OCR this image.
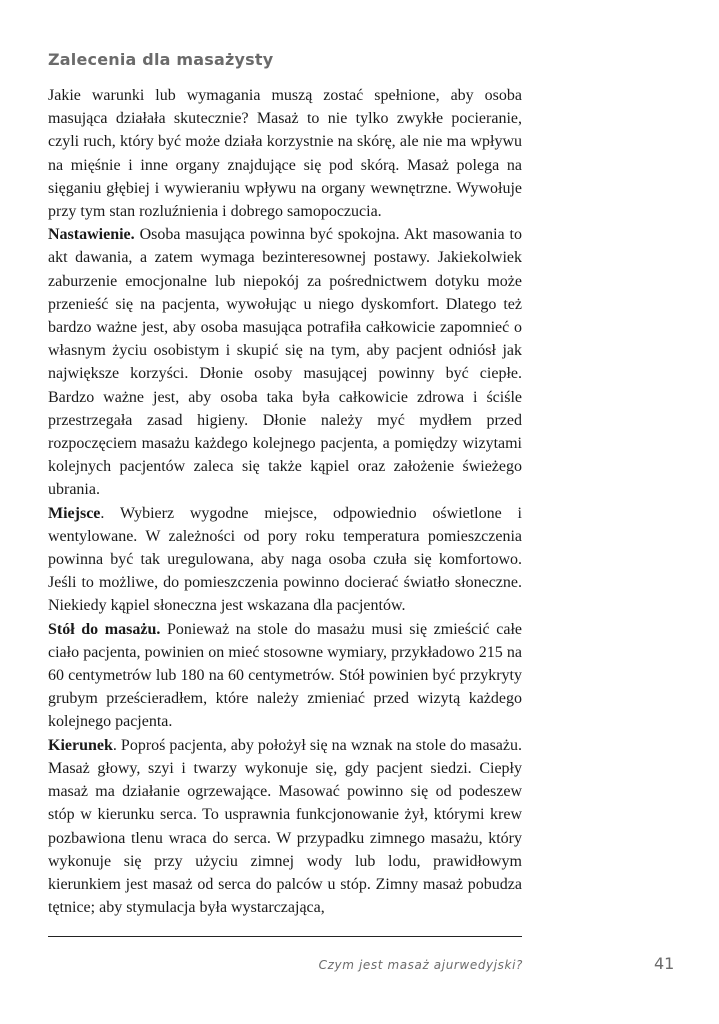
Zalecenia dla masażysty

Jakie warunki lub wymagania muszą zostać spełnione, aby osoba masująca działała skutecznie? Masaż to nie tylko zwykłe pocieranie, czyli ruch, który być może działa korzystnie na skórę, ale nie ma wpływu na mięśnie i inne organy znajdujące się pod skórą. Masaż polega na sięganiu głębiej i wywieraniu wpływu na organy wewnętrzne. Wywołuje przy tym stan rozluźnienia i dobrego samopoczucia.

Nastawienie. Osoba masująca powinna być spokojna. Akt masowania to akt dawania, a zatem wymaga bezinteresownej postawy. Jakiekolwiek zaburzenie emocjonalne lub niepokój za pośrednictwem dotyku może przenieść się na pacjenta, wywołując u niego dyskomfort. Dlatego też bardzo ważne jest, aby osoba masująca potrafiła całkowicie zapomnieć o własnym życiu osobistym i skupić się na tym, aby pacjent odniósł jak największe korzyści. Dłonie osoby masującej powinny być ciepłe. Bardzo ważne jest, aby osoba taka była całkowicie zdrowa i ściśle przestrzegała zasad higieny. Dłonie należy myć mydłem przed rozpoczęciem masażu każdego kolejnego pacjenta, a pomiędzy wizytami kolejnych pacjentów zaleca się także kąpiel oraz założenie świeżego ubrania.

Miejsce. Wybierz wygodne miejsce, odpowiednio oświetlone i wentylowane. W zależności od pory roku temperatura pomieszczenia powinna być tak uregulowana, aby naga osoba czuła się komfortowo. Jeśli to możliwe, do pomieszczenia powinno docierać światło słoneczne. Niekiedy kąpiel słoneczna jest wskazana dla pacjentów.

Stół do masażu. Ponieważ na stole do masażu musi się zmieścić całe ciało pacjenta, powinien on mieć stosowne wymiary, przykładowo 215 na 60 centymetrów lub 180 na 60 centymetrów. Stół powinien być przykryty grubym prześcieradłem, które należy zmieniać przed wizytą każdego kolejnego pacjenta.

Kierunek. Poproś pacjenta, aby położył się na wznak na stole do masażu. Masaż głowy, szyi i twarzy wykonuje się, gdy pacjent siedzi. Ciepły masaż ma działanie ogrzewające. Masować powinno się od podeszew stóp w kierunku serca. To usprawnia funkcjonowanie żył, którymi krew pozbawiona tlenu wraca do serca. W przypadku zimnego masażu, który wykonuje się przy użyciu zimnej wody lub lodu, prawidłowym kierunkiem jest masaż od serca do palców u stóp. Zimny masaż pobudza tętnice; aby stymulacja była wystarczająca,

Czym jest masaż ajurwedyjski?	41
